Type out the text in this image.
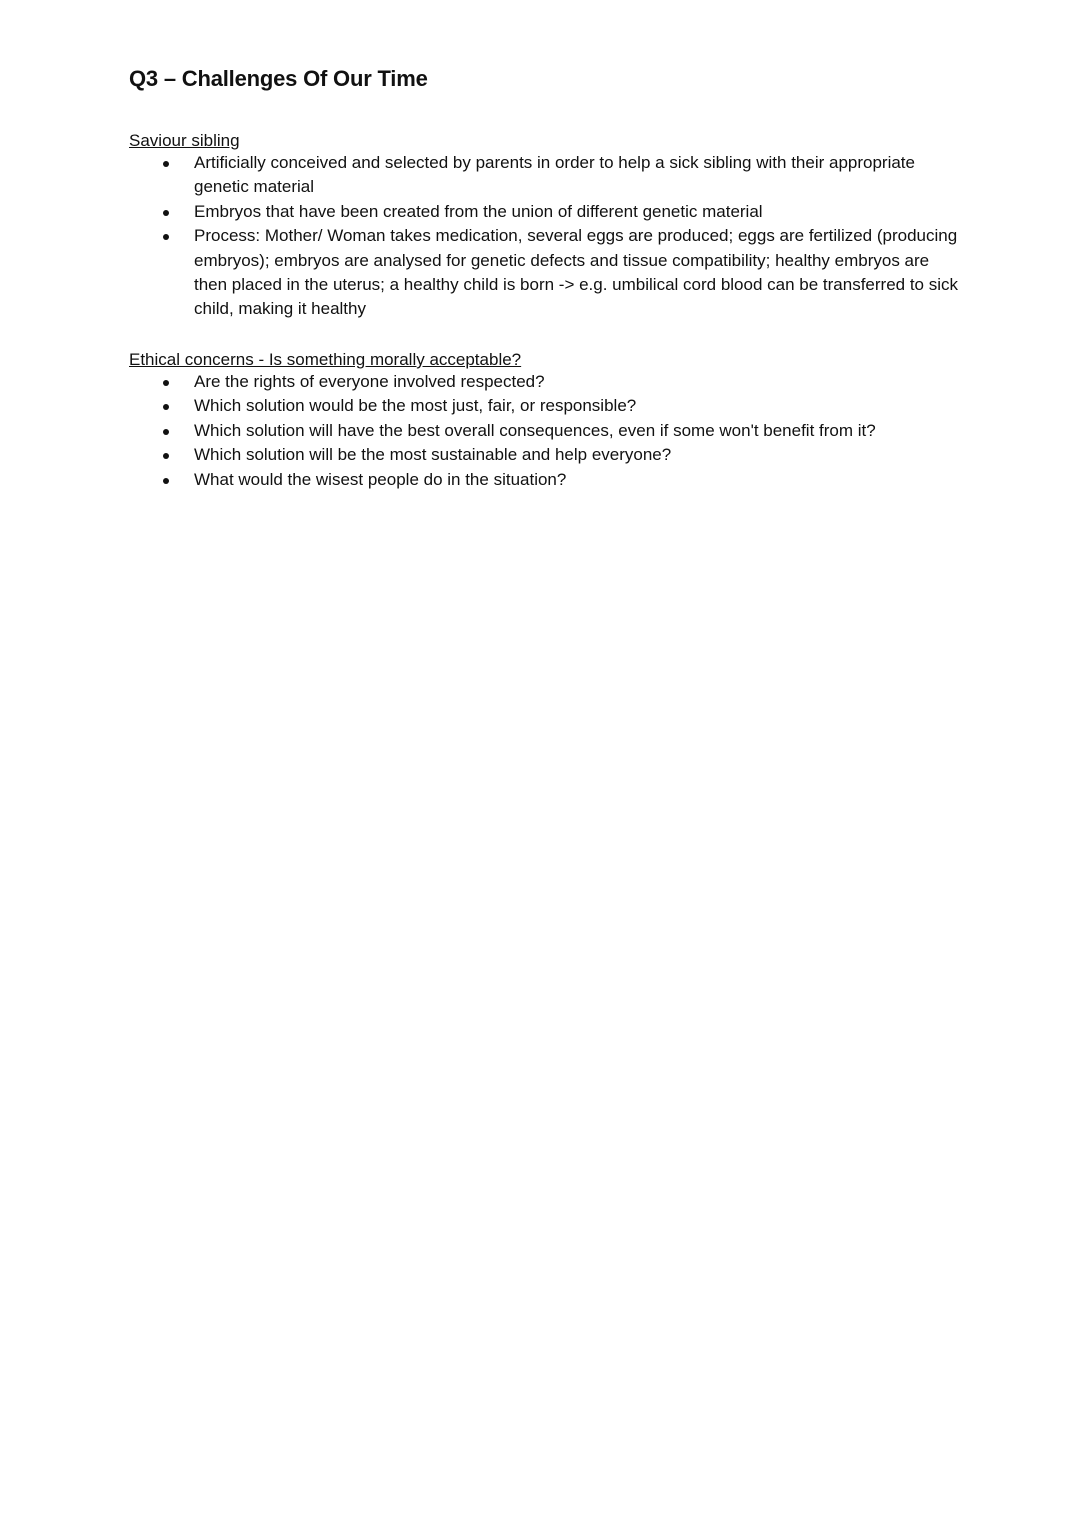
Q3 – Challenges Of Our Time

Saviour sibling

Artificially conceived and selected by parents in order to help a sick sibling with their appropriate genetic material
Embryos that have been created from the union of different genetic material
Process: Mother/ Woman takes medication, several eggs are produced; eggs are fertilized (producing embryos); embryos are analysed for genetic defects and tissue compatibility; healthy embryos are then placed in the uterus; a healthy child is born -> e.g. umbilical cord blood can be transferred to sick child, making it healthy

Ethical concerns - Is something morally acceptable?

Are the rights of everyone involved respected?
Which solution would be the most just, fair, or responsible?
Which solution will have the best overall consequences, even if some won't benefit from it?
Which solution will be the most sustainable and help everyone?
What would the wisest people do in the situation?
